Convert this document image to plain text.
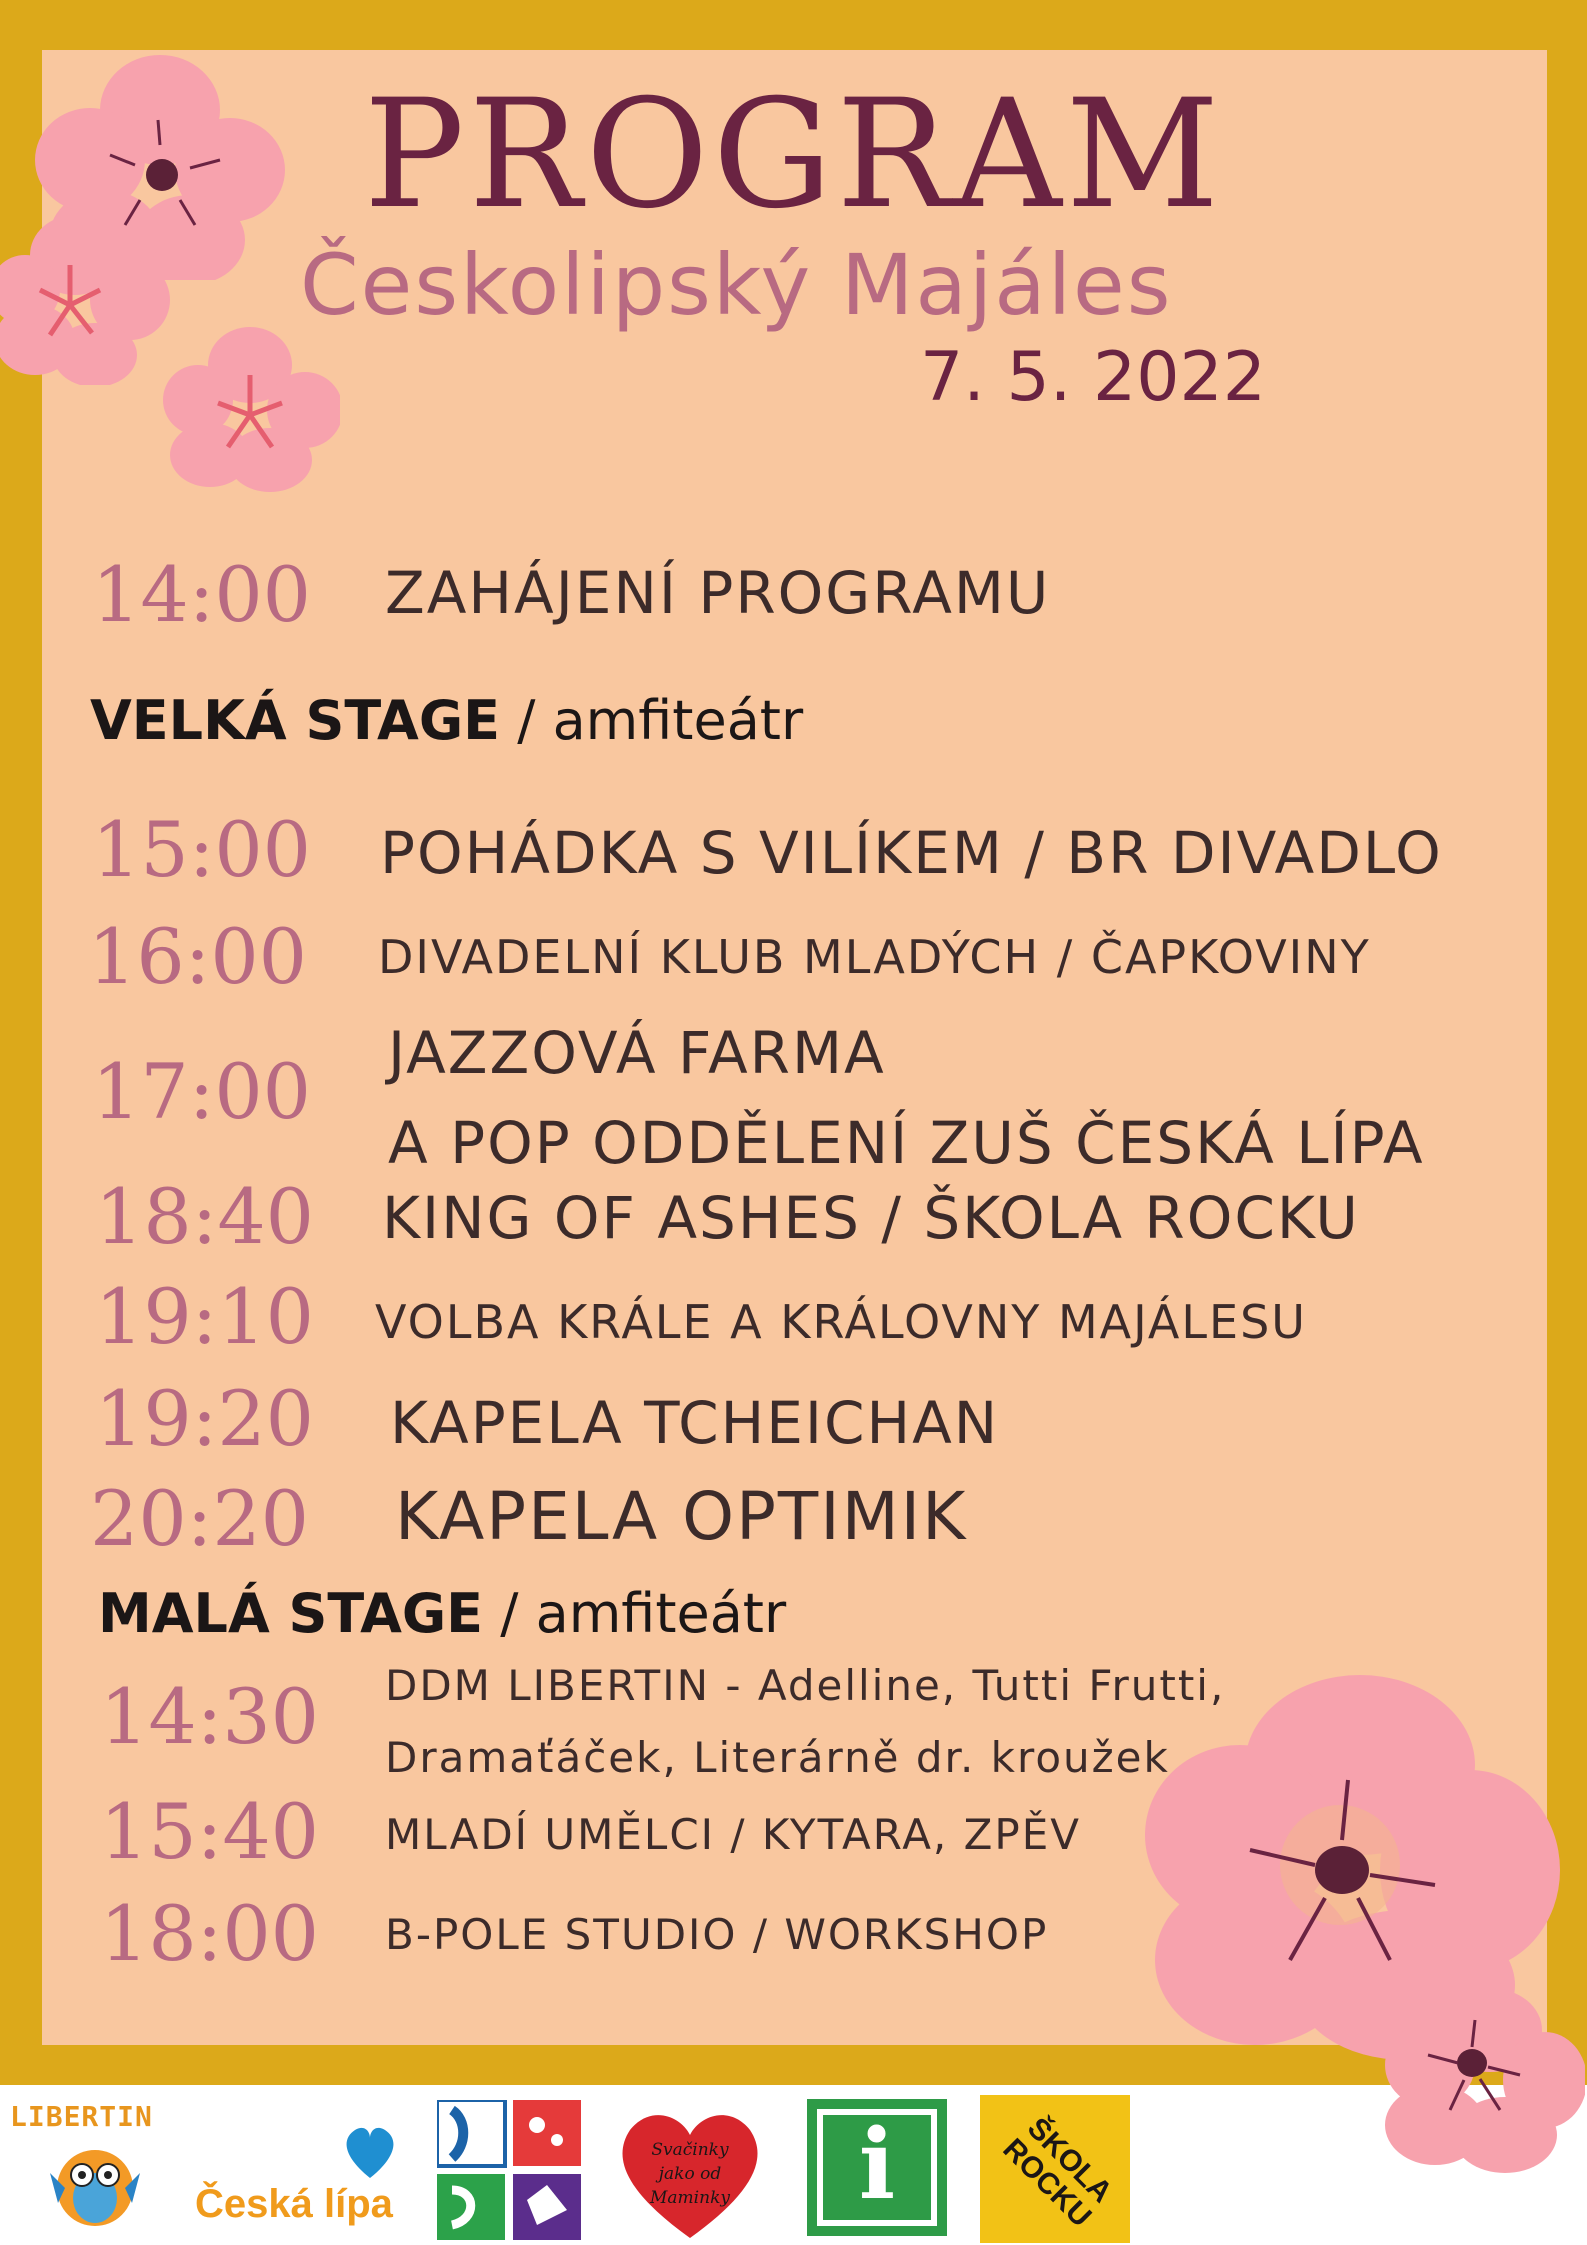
PROGRAM
Českolipský Majáles
7. 5. 2022
14:00 ZAHÁJENÍ PROGRAMU
VELKÁ STAGE / amfiteátr
15:00 POHÁDKA S VILÍKEM / BR DIVADLO
16:00 DIVADELNÍ KLUB MLADÝCH / ČAPKOVINY
17:00 JAZZOVÁ FARMA
A POP ODDĚLENÍ ZUŠ ČESKÁ LÍPA
18:40 KING OF ASHES / ŠKOLA ROCKU
19:10 VOLBA KRÁLE A KRÁLOVNY MAJÁLESU
19:20 KAPELA TCHEICHAN
20:20 KAPELA OPTIMIK
MALÁ STAGE / amfiteátr
14:30 DDM LIBERTIN - Adelline, Tutti Frutti,
Dramaťáček, Literárně dr. kroužek
15:40 MLADÍ UMĚLCI / KYTARA, ZPĚV
18:00 B-POLE STUDIO / WORKSHOP
LIBERTIN
Česká lípa
Svačinky jako od Maminky	i	ŠKOLA ROCKU
